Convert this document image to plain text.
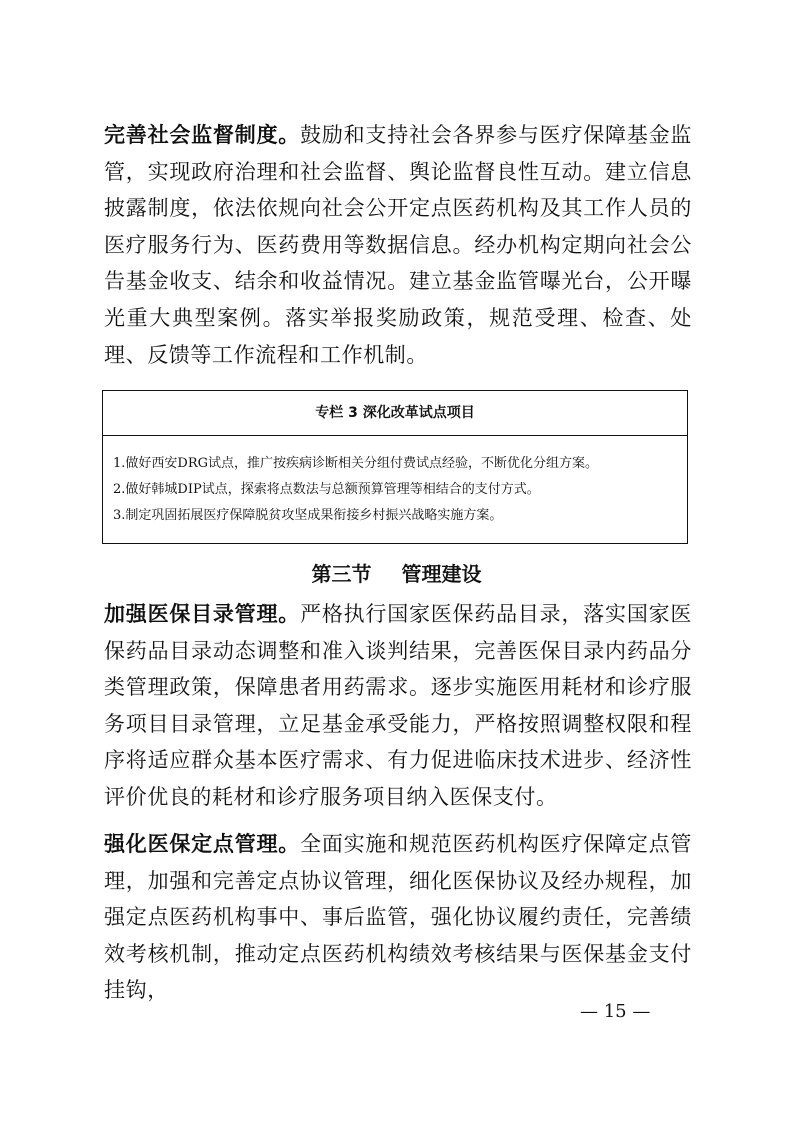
完善社会监督制度。鼓励和支持社会各界参与医疗保障基金监管，实现政府治理和社会监督、舆论监督良性互动。建立信息披露制度，依法依规向社会公开定点医药机构及其工作人员的医疗服务行为、医药费用等数据信息。经办机构定期向社会公告基金收支、结余和收益情况。建立基金监管曝光台，公开曝光重大典型案例。落实举报奖励政策，规范受理、检查、处理、反馈等工作流程和工作机制。

专栏 3 深化改革试点项目
1.做好西安DRG试点，推广按疾病诊断相关分组付费试点经验，不断优化分组方案。
2.做好韩城DIP试点，探索将点数法与总额预算管理等相结合的支付方式。
3.制定巩固拓展医疗保障脱贫攻坚成果衔接乡村振兴战略实施方案。
第三节 管理建设

加强医保目录管理。严格执行国家医保药品目录，落实国家医保药品目录动态调整和准入谈判结果，完善医保目录内药品分类管理政策，保障患者用药需求。逐步实施医用耗材和诊疗服务项目目录管理，立足基金承受能力，严格按照调整权限和程序将适应群众基本医疗需求、有力促进临床技术进步、经济性评价优良的耗材和诊疗服务项目纳入医保支付。

强化医保定点管理。全面实施和规范医药机构医疗保障定点管理，加强和完善定点协议管理，细化医保协议及经办规程，加强定点医药机构事中、事后监管，强化协议履约责任，完善绩效考核机制，推动定点医药机构绩效考核结果与医保基金支付挂钩，

— 15 —
